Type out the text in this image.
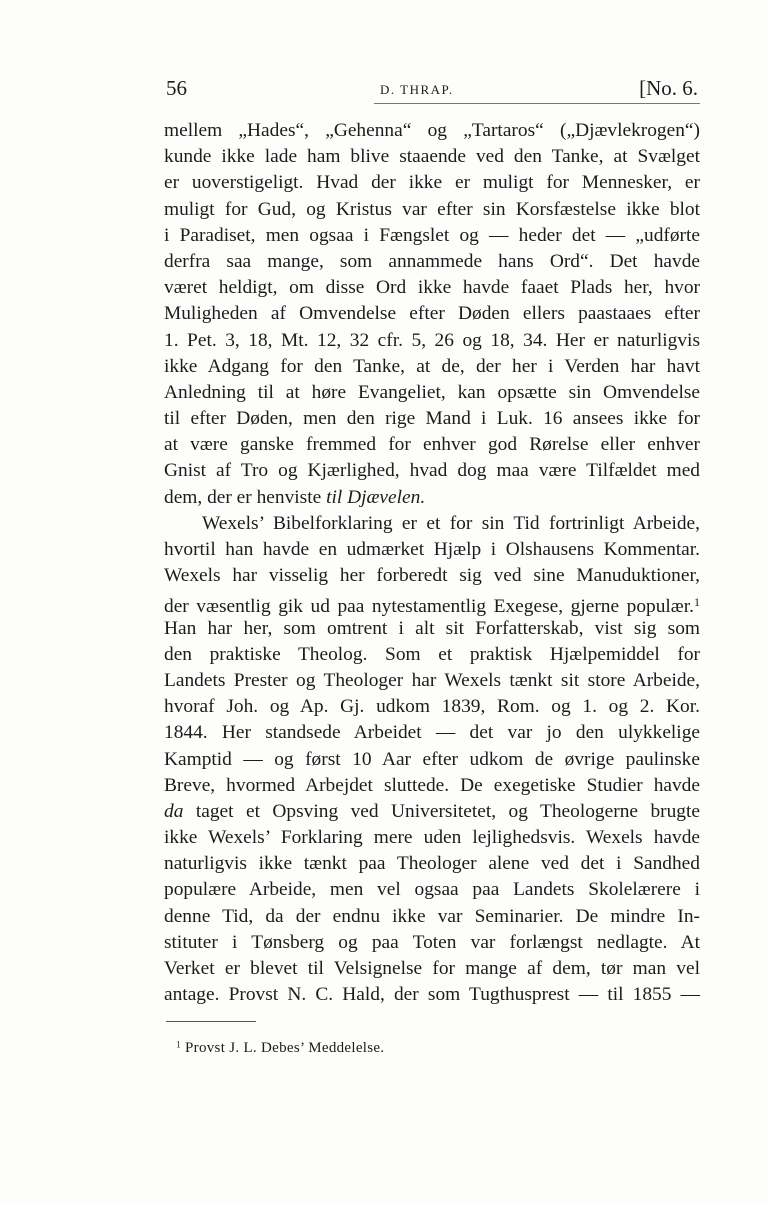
56	D. THRAP.	[No. 6.
mellem „Hades“, „Gehenna“ og „Tartaros“ („Djævlekrogen“)
kunde ikke lade ham blive staaende ved den Tanke, at Svælget
er uoverstigeligt. Hvad der ikke er muligt for Mennesker, er
muligt for Gud, og Kristus var efter sin Korsfæstelse ikke blot
i Paradiset, men ogsaa i Fængslet og — heder det — „udførte
derfra saa mange, som annammede hans Ord“. Det havde
været heldigt, om disse Ord ikke havde faaet Plads her, hvor
Muligheden af Omvendelse efter Døden ellers paastaaes efter
1. Pet. 3, 18, Mt. 12, 32 cfr. 5, 26 og 18, 34. Her er naturligvis
ikke Adgang for den Tanke, at de, der her i Verden har havt
Anledning til at høre Evangeliet, kan opsætte sin Omvendelse
til efter Døden, men den rige Mand i Luk. 16 ansees ikke for
at være ganske fremmed for enhver god Rørelse eller enhver
Gnist af Tro og Kjærlighed, hvad dog maa være Tilfældet med
dem, der er henviste til Djævelen.
Wexels’ Bibelforklaring er et for sin Tid fortrinligt Arbeide,
hvortil han havde en udmærket Hjælp i Olshausens Kommentar.
Wexels har visselig her forberedt sig ved sine Manuduktioner,
der væsentlig gik ud paa nytestamentlig Exegese, gjerne populær.$^1$
Han har her, som omtrent i alt sit Forfatterskab, vist sig som
den praktiske Theolog. Som et praktisk Hjælpemiddel for
Landets Prester og Theologer har Wexels tænkt sit store Arbeide,
hvoraf Joh. og Ap. Gj. udkom 1839, Rom. og 1. og 2. Kor.
1844. Her standsede Arbeidet — det var jo den ulykkelige
Kamptid — og først 10 Aar efter udkom de øvrige paulinske
Breve, hvormed Arbejdet sluttede. De exegetiske Studier havde
da taget et Opsving ved Universitetet, og Theologerne brugte
ikke Wexels’ Forklaring mere uden lejlighedsvis. Wexels havde
naturligvis ikke tænkt paa Theologer alene ved det i Sandhed
populære Arbeide, men vel ogsaa paa Landets Skolelærere i
denne Tid, da der endnu ikke var Seminarier. De mindre In-
stituter i Tønsberg og paa Toten var forlængst nedlagte. At
Verket er blevet til Velsignelse for mange af dem, tør man vel
antage. Provst N. C. Hald, der som Tugthusprest — til 1855 —
$^1$ Provst J. L. Debes’ Meddelelse.
